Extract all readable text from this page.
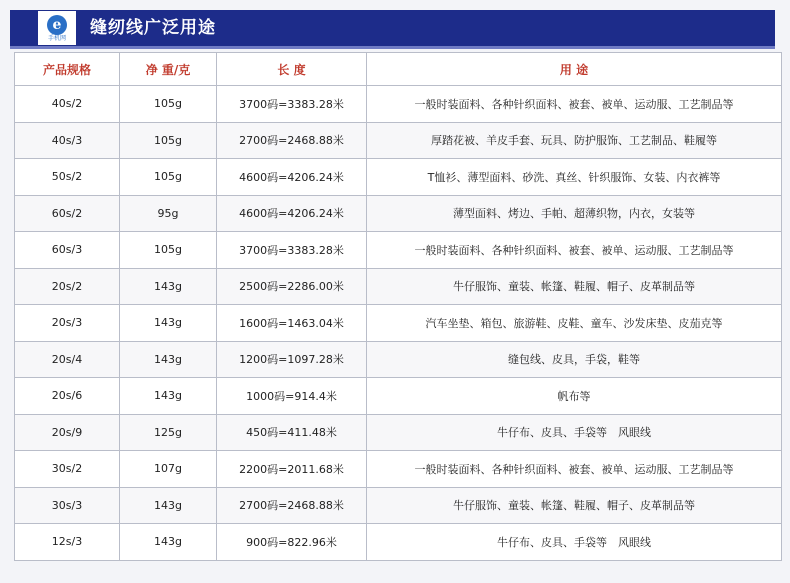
e
手机网 缝纫线广泛用途
产品规格	净 重/克	长 度	用 途
40s/2	105g	3700码=3383.28米	一般时装面料、各种针织面料、被套、被单、运动服、工艺制品等
40s/3	105g	2700码=2468.88米	厚踏花被、羊皮手套、玩具、防护服饰、工艺制品、鞋履等
50s/2	105g	4600码=4206.24米	T恤衫、薄型面料、砂洗、真丝、针织服饰、女装、内衣裤等
60s/2	95g	4600码=4206.24米	薄型面料、烤边、手帕、超薄织物，内衣，女装等
60s/3	105g	3700码=3383.28米	一般时装面料、各种针织面料、被套、被单、运动服、工艺制品等
20s/2	143g	2500码=2286.00米	牛仔服饰、童装、帐篷、鞋履、帽子、皮革制品等
20s/3	143g	1600码=1463.04米	汽车坐垫、箱包、旅游鞋、皮鞋、童车、沙发床垫、皮茄克等
20s/4	143g	1200码=1097.28米	缝包线、皮具，手袋，鞋等
20s/6	143g	1000码=914.4米	帆布等
20s/9	125g	450码=411.48米	牛仔布、皮具、手袋等　风眼线
30s/2	107g	2200码=2011.68米	一般时装面料、各种针织面料、被套、被单、运动服、工艺制品等
30s/3	143g	2700码=2468.88米	牛仔服饰、童装、帐篷、鞋履、帽子、皮革制品等
12s/3	143g	900码=822.96米	牛仔布、皮具、手袋等　风眼线
